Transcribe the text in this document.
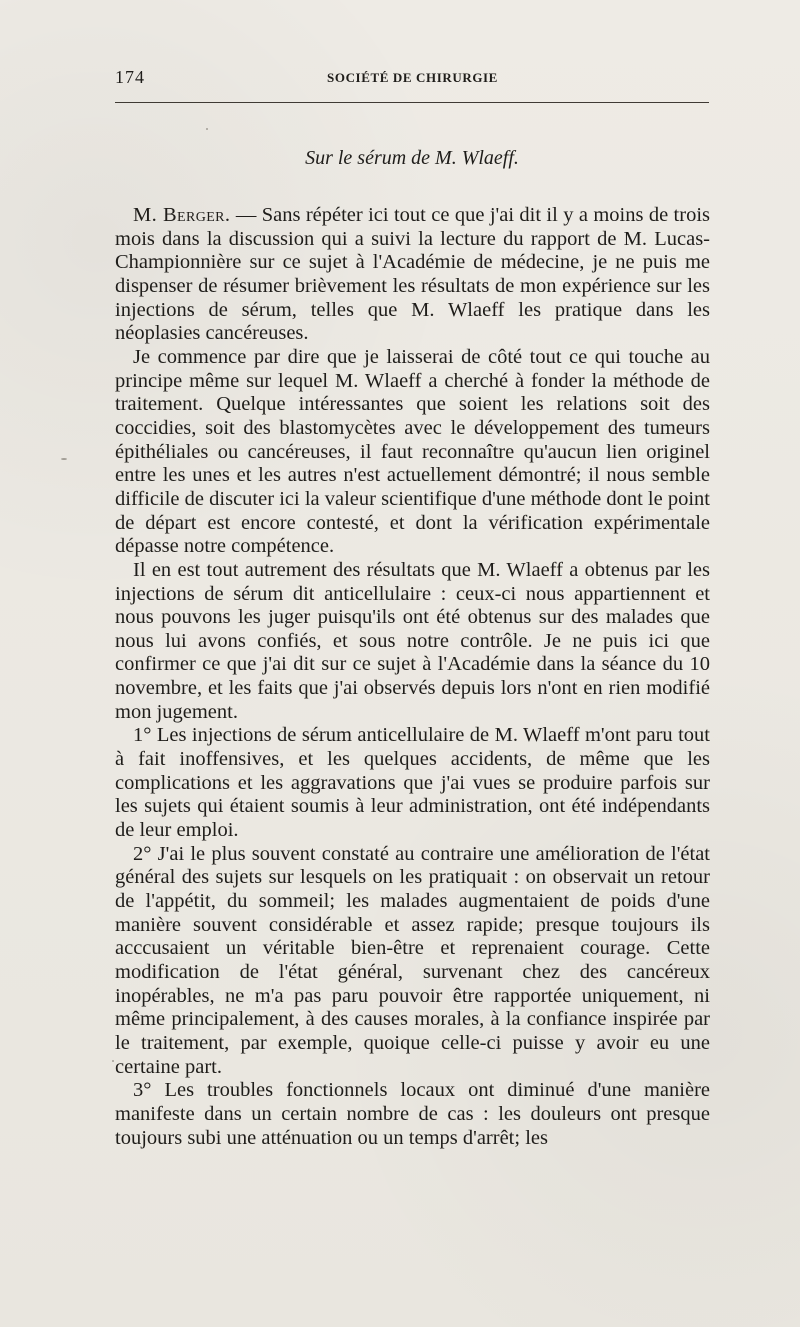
174	SOCIÉTÉ DE CHIRURGIE
Sur le sérum de M. Wlaeff.

M. Berger. — Sans répéter ici tout ce que j'ai dit il y a moins de trois mois dans la discussion qui a suivi la lecture du rapport de M. Lucas-Championnière sur ce sujet à l'Académie de médecine, je ne puis me dispenser de résumer brièvement les résultats de mon expérience sur les injections de sérum, telles que M. Wlaeff les pratique dans les néoplasies cancéreuses.

Je commence par dire que je laisserai de côté tout ce qui touche au principe même sur lequel M. Wlaeff a cherché à fonder la méthode de traitement. Quelque intéressantes que soient les relations soit des coccidies, soit des blastomycètes avec le développement des tumeurs épithéliales ou cancéreuses, il faut reconnaître qu'aucun lien originel entre les unes et les autres n'est actuellement démontré; il nous semble difficile de discuter ici la valeur scientifique d'une méthode dont le point de départ est encore contesté, et dont la vérification expérimentale dépasse notre compétence.

Il en est tout autrement des résultats que M. Wlaeff a obtenus par les injections de sérum dit anticellulaire : ceux-ci nous appartiennent et nous pouvons les juger puisqu'ils ont été obtenus sur des malades que nous lui avons confiés, et sous notre contrôle. Je ne puis ici que confirmer ce que j'ai dit sur ce sujet à l'Académie dans la séance du 10 novembre, et les faits que j'ai observés depuis lors n'ont en rien modifié mon jugement.

1° Les injections de sérum anticellulaire de M. Wlaeff m'ont paru tout à fait inoffensives, et les quelques accidents, de même que les complications et les aggravations que j'ai vues se produire parfois sur les sujets qui étaient soumis à leur administration, ont été indépendants de leur emploi.

2° J'ai le plus souvent constaté au contraire une amélioration de l'état général des sujets sur lesquels on les pratiquait : on observait un retour de l'appétit, du sommeil; les malades augmentaient de poids d'une manière souvent considérable et assez rapide; presque toujours ils acccusaient un véritable bien-être et reprenaient courage. Cette modification de l'état général, survenant chez des cancéreux inopérables, ne m'a pas paru pouvoir être rapportée uniquement, ni même principalement, à des causes morales, à la confiance inspirée par le traitement, par exemple, quoique celle-ci puisse y avoir eu une certaine part.

3° Les troubles fonctionnels locaux ont diminué d'une manière manifeste dans un certain nombre de cas : les douleurs ont presque toujours subi une atténuation ou un temps d'arrêt; les
